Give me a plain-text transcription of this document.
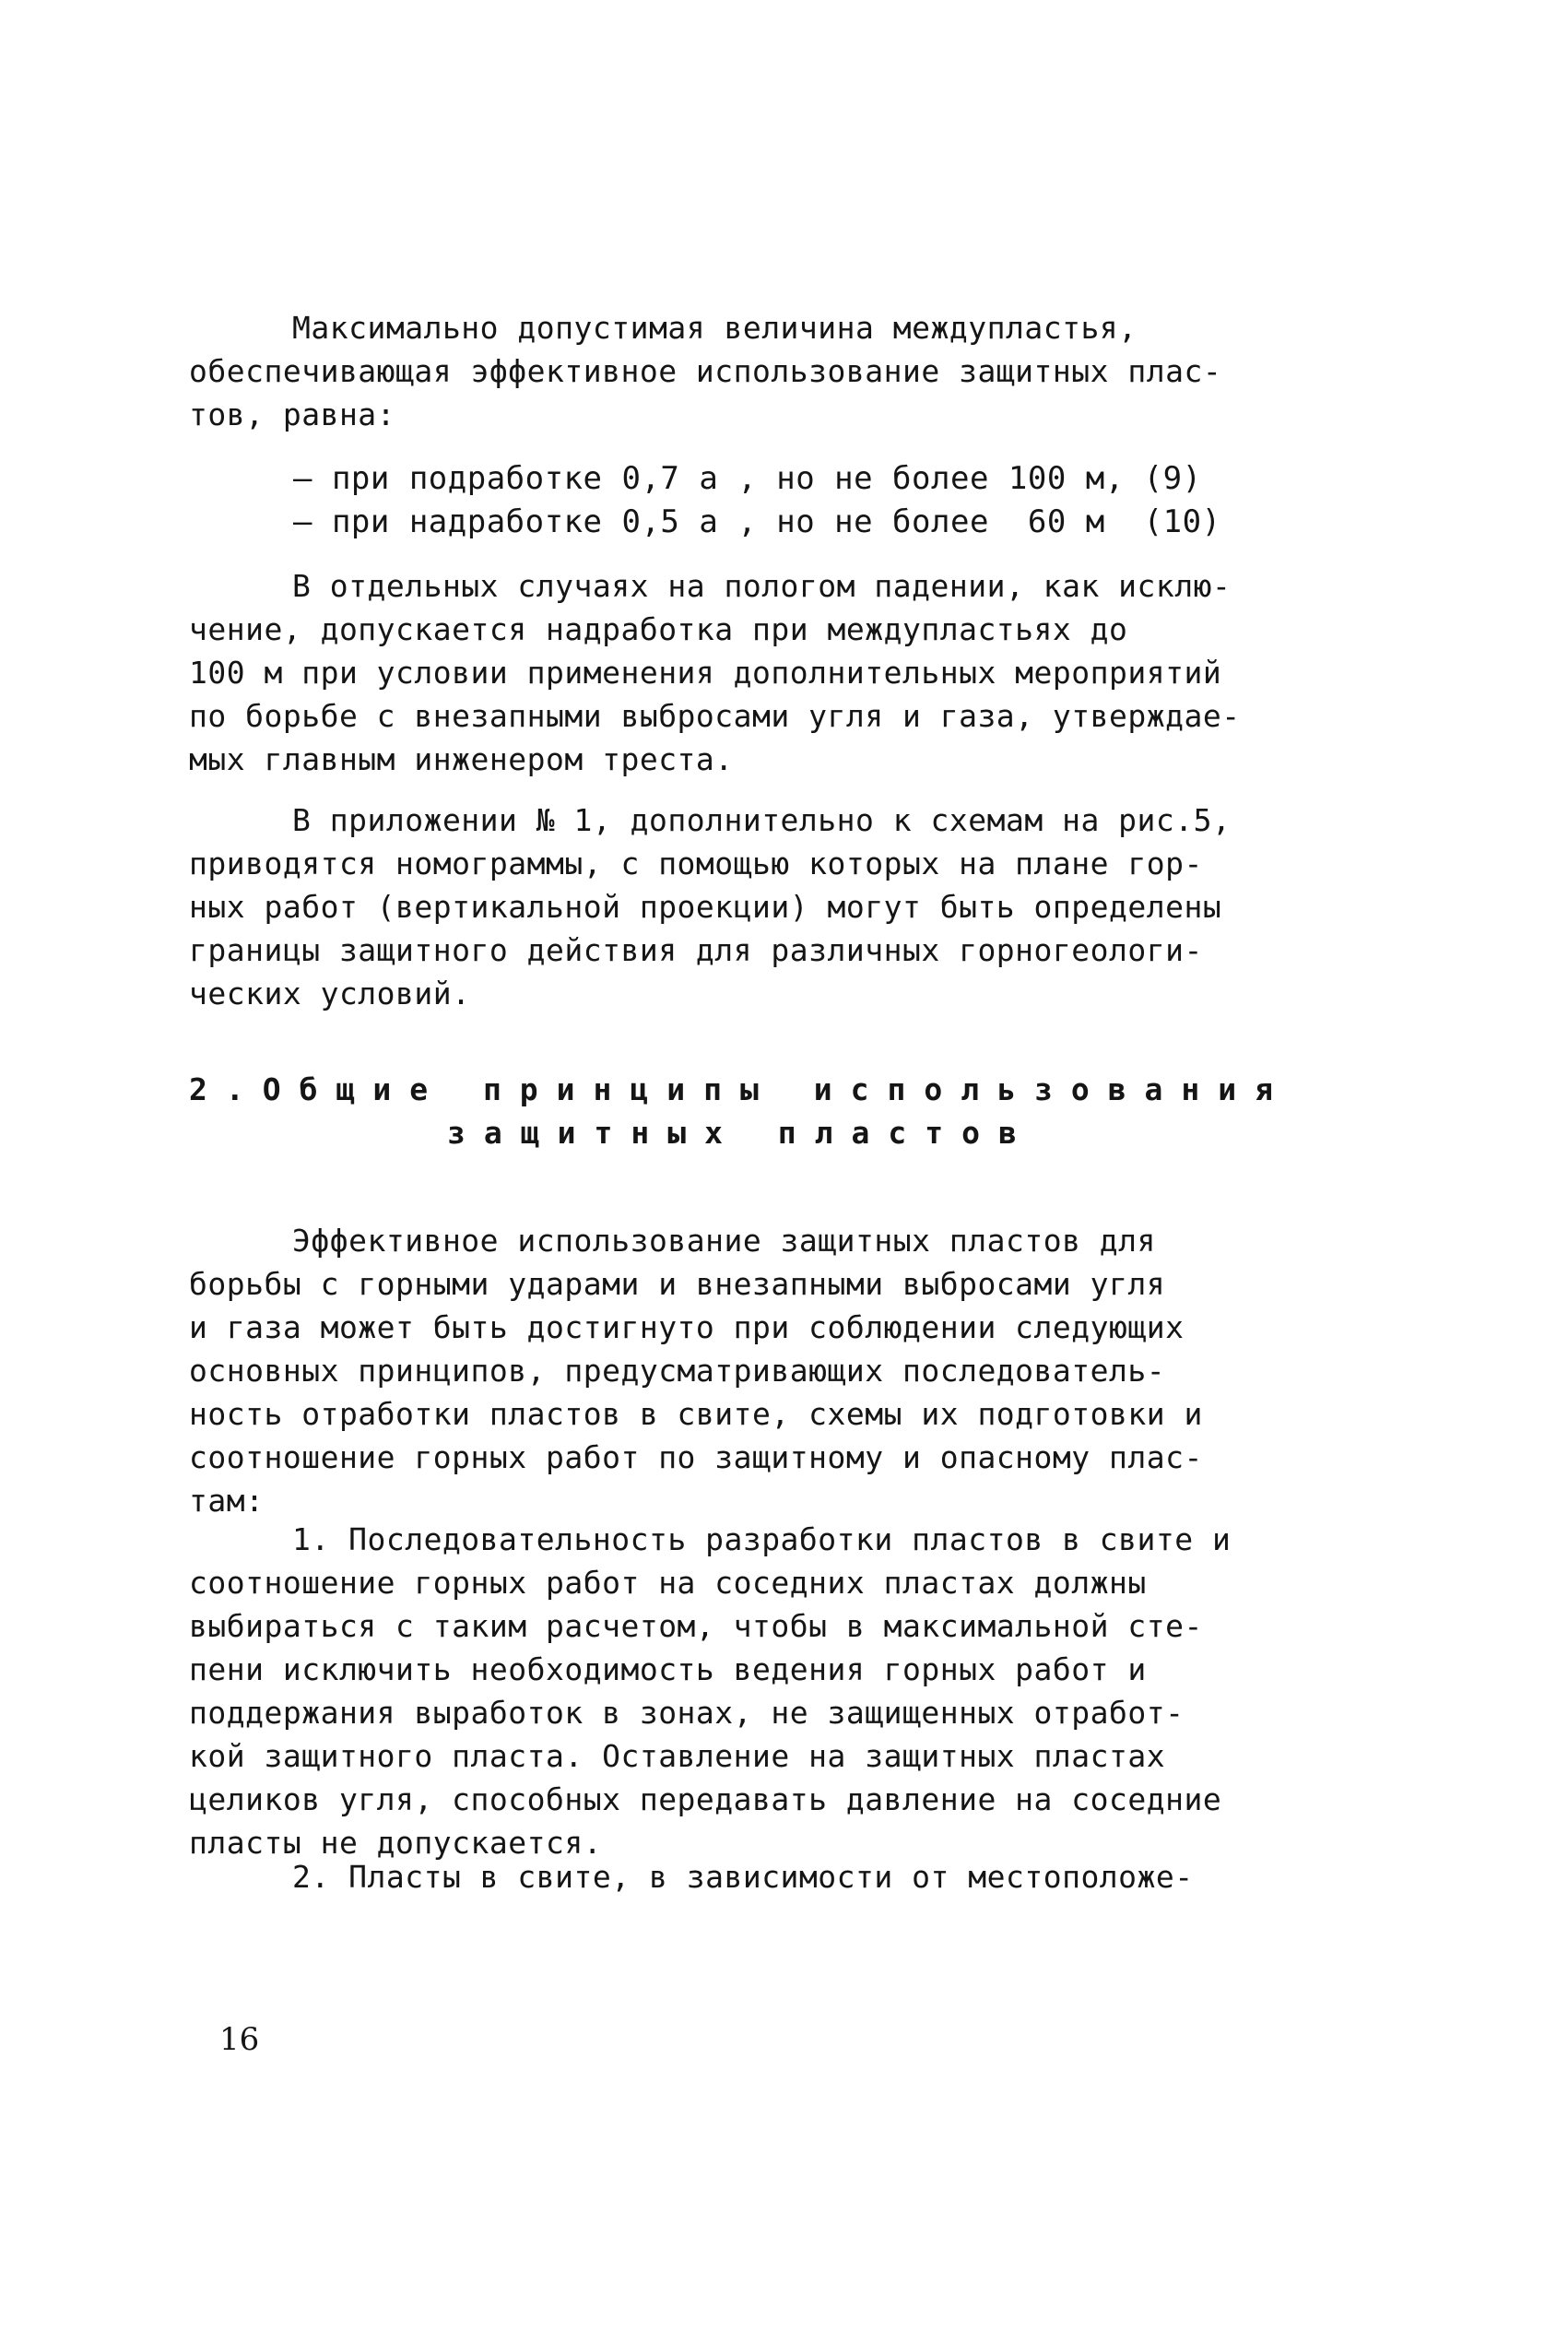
Максимально допустимая величина междупластья,
обеспечивающая эффективное использование защитных плас-
тов, равна:
– при подработке 0,7 a , но не более 100 м, (9)
– при надработке 0,5 a , но не более  60 м  (10)
В отдельных случаях на пологом падении, как исклю-
чение, допускается надработка при междупластьях до
100 м при условии применения дополнительных мероприятий
по борьбе с внезапными выбросами угля и газа, утверждае-
мых главным инженером треста.
В приложении № 1, дополнительно к схемам на рис.5,
приводятся номограммы, с помощью которых на плане гор-
ных работ (вертикальной проекции) могут быть определены
границы защитного действия для различных горногеологи-
ческих условий.
2.Общие принципы использования
защитных пластов
Эффективное использование защитных пластов для
борьбы с горными ударами и внезапными выбросами угля
и газа может быть достигнуто при соблюдении следующих
основных принципов, предусматривающих последователь-
ность отработки пластов в свите, схемы их подготовки и
соотношение горных работ по защитному и опасному плас-
там:
1. Последовательность разработки пластов в свите и
соотношение горных работ на соседних пластах должны
выбираться с таким расчетом, чтобы в максимальной сте-
пени исключить необходимость ведения горных работ и
поддержания выработок в зонах, не защищенных отработ-
кой защитного пласта. Оставление на защитных пластах
целиков угля, способных передавать давление на соседние
пласты не допускается.
2. Пласты в свите, в зависимости от местоположе-
16
